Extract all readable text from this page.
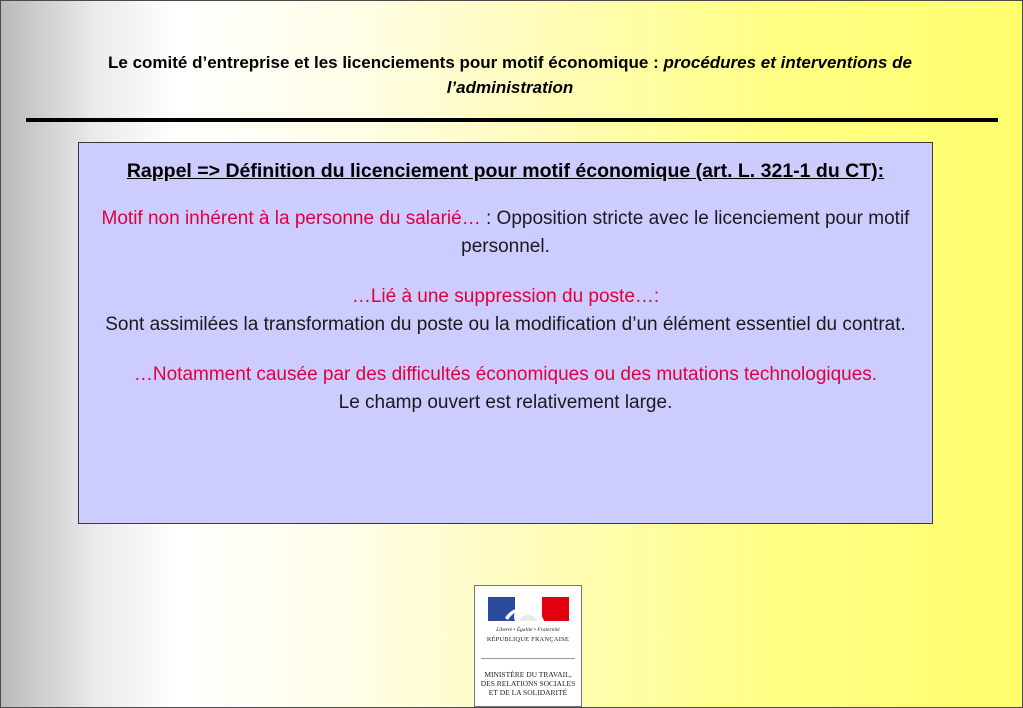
Le comité d’entreprise et les licenciements pour motif économique : procédures et interventions de l’administration
Rappel => Définition du licenciement pour motif économique (art. L. 321-1 du CT):
Motif non inhérent à la personne du salarié… : Opposition stricte avec le licenciement pour motif personnel.
…Lié à une suppression du poste…:
Sont assimilées la transformation du poste ou la modification d’un élément essentiel du contrat.
…Notamment causée par des difficultés économiques ou des mutations technologiques.
Le champ ouvert est relativement large.
Liberté • Égalité • Fraternité
RÉPUBLIQUE FRANÇAISE
MINISTÈRE DU TRAVAIL,
DES RELATIONS SOCIALES
ET DE LA SOLIDARITÉ
